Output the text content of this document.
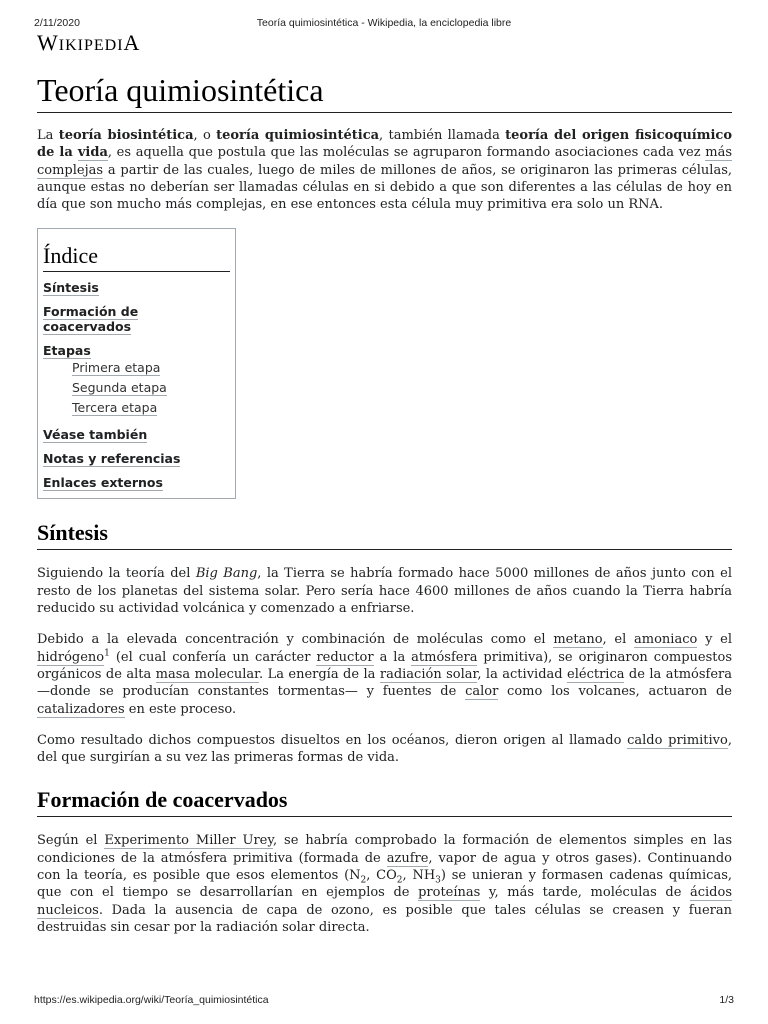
2/11/2020	Teoría quimiosintética - Wikipedia, la enciclopedia libre
WIKIPEDIA
Teoría quimiosintética

La teoría biosintética, o teoría quimiosintética, también llamada teoría del origen fisicoquímico de la vida, es aquella que postula que las moléculas se agruparon formando asociaciones cada vez más complejas a partir de las cuales, luego de miles de millones de años, se originaron las primeras células, aunque estas no deberían ser llamadas células en si debido a que son diferentes a las células de hoy en día que son mucho más complejas, en ese entonces esta célula muy primitiva era solo un RNA.

Índice
Síntesis
Formación de coacervados
Etapas
Primera etapa
Segunda etapa
Tercera etapa
Véase también
Notas y referencias
Enlaces externos
Síntesis

Siguiendo la teoría del Big Bang, la Tierra se habría formado hace 5000 millones de años junto con el resto de los planetas del sistema solar. Pero sería hace 4600 millones de años cuando la Tierra habría reducido su actividad volcánica y comenzado a enfriarse.

Debido a la elevada concentración y combinación de moléculas como el metano, el amoniaco y el hidrógeno$^1$ (el cual confería un carácter reductor a la atmósfera primitiva), se originaron compuestos orgánicos de alta masa molecular. La energía de la radiación solar, la actividad eléctrica de la atmósfera —donde se producían constantes tormentas— y fuentes de calor como los volcanes, actuaron de catalizadores en este proceso.

Como resultado dichos compuestos disueltos en los océanos, dieron origen al llamado caldo primitivo, del que surgirían a su vez las primeras formas de vida.

Formación de coacervados

Según el Experimento Miller Urey, se habría comprobado la formación de elementos simples en las condiciones de la atmósfera primitiva (formada de azufre, vapor de agua y otros gases). Continuando con la teoría, es posible que esos elementos ($N_2$, $CO_2$, $NH_3$) se unieran y formasen cadenas químicas, que con el tiempo se desarrollarían en ejemplos de proteínas y, más tarde, moléculas de ácidos nucleicos. Dada la ausencia de capa de ozono, es posible que tales células se creasen y fueran destruidas sin cesar por la radiación solar directa.

https://es.wikipedia.org/wiki/Teoría_quimiosintética	1/3
